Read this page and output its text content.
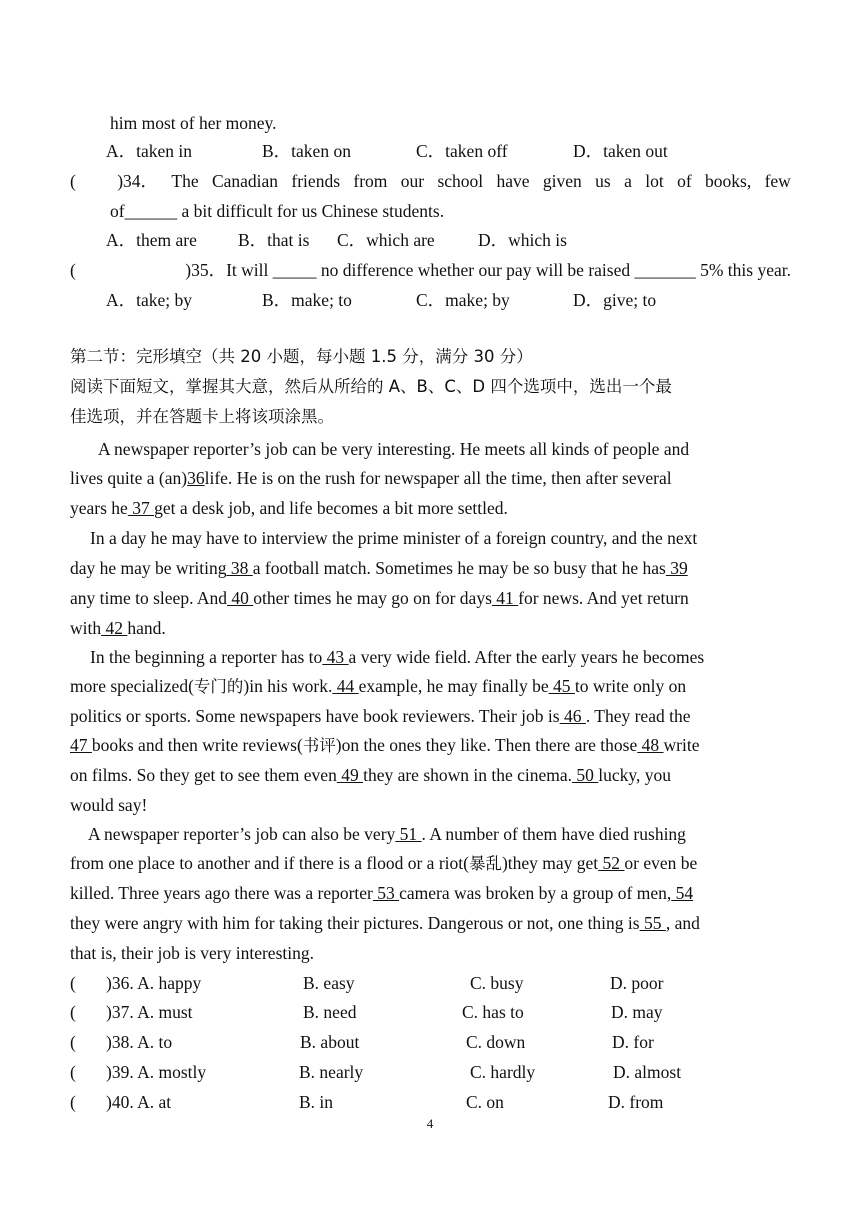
him most of her money.
A．taken in	B．taken on	C．taken off	D．taken out
( )34． The Canadian friends from our school have given us a lot of books, few
of______ a bit difficult for us Chinese students.
A．them are B．that is C．which are D．which is
(	)35．It will _____ no difference whether our pay will be raised _______ 5% this year.
A．take; by	B．make; to	C．make; by	D．give; to
第二节：完形填空（共 20 小题，每小题 1.5 分，满分 30 分）
阅读下面短文，掌握其大意，然后从所给的 A、B、C、D 四个选项中，选出一个最
佳选项，并在答题卡上将该项涂黑。
A newspaper reporter’s job can be very interesting. He meets all kinds of people and
lives quite a (an)36life. He is on the rush for newspaper all the time, then after several
years he 37 get a desk job, and life becomes a bit more settled.
In a day he may have to interview the prime minister of a foreign country, and the next
day he may be writing 38 a football match. Sometimes he may be so busy that he has 39
any time to sleep. And 40 other times he may go on for days 41 for news. And yet return
with 42 hand.
In the beginning a reporter has to 43 a very wide field. After the early years he becomes
more specialized(专门的)in his work. 44 example, he may finally be 45 to write only on
politics or sports. Some newspapers have book reviewers. Their job is 46 . They read the
47 books and then write reviews(书评)on the ones they like. Then there are those 48 write
on films. So they get to see them even 49 they are shown in the cinema. 50 lucky, you
would say!
A newspaper reporter’s job can also be very 51 . A number of them have died rushing
from one place to another and if there is a flood or a riot(暴乱)they may get 52 or even be
killed. Three years ago there was a reporter 53 camera was broken by a group of men, 54
they were angry with him for taking their pictures. Dangerous or not, one thing is 55 , and
that is, their job is very interesting.
( )36. A. happy	B. easy	C. busy	D. poor
( )37. A. must	B. need	C. has to	D. may
( )38. A. to	B. about	C. down	D. for
( )39. A. mostly	B. nearly	C. hardly	D. almost
( )40. A. at	B. in	C. on	D. from
4
